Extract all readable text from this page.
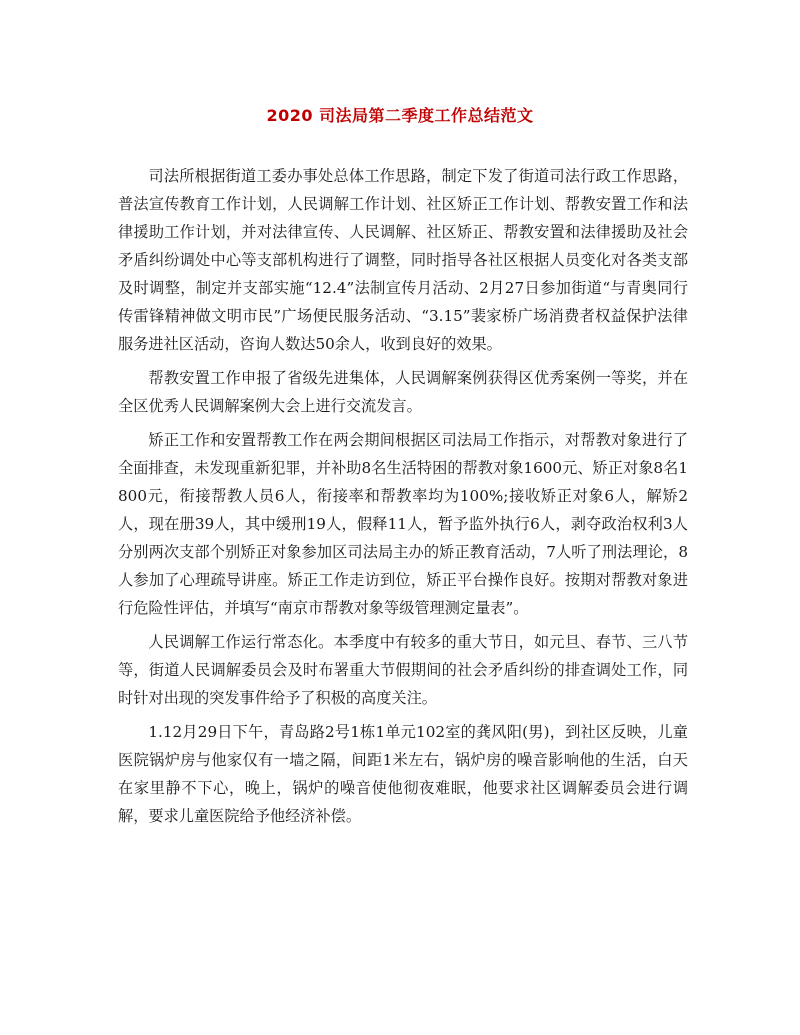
2020 司法局第二季度工作总结范文

司法所根据街道工委办事处总体工作思路，制定下发了街道司法行政工作思路，普法宣传教育工作计划，人民调解工作计划、社区矫正工作计划、帮教安置工作和法律援助工作计划，并对法律宣传、人民调解、社区矫正、帮教安置和法律援助及社会矛盾纠纷调处中心等支部机构进行了调整，同时指导各社区根据人员变化对各类支部及时调整，制定并支部实施“12.4”法制宣传月活动、2月27日参加街道“与青奥同行传雷锋精神做文明市民”广场便民服务活动、“3.15”裴家桥广场消费者权益保护法律服务进社区活动，咨询人数达50余人，收到良好的效果。

帮教安置工作申报了省级先进集体，人民调解案例获得区优秀案例一等奖，并在全区优秀人民调解案例大会上进行交流发言。

矫正工作和安置帮教工作在两会期间根据区司法局工作指示，对帮教对象进行了全面排查，未发现重新犯罪，并补助8名生活特困的帮教对象1600元、矫正对象8名1800元，衔接帮教人员6人，衔接率和帮教率均为100%;接收矫正对象6人，解矫2人，现在册39人，其中缓刑19人，假释11人，暂予监外执行6人，剥夺政治权利3人分别两次支部个别矫正对象参加区司法局主办的矫正教育活动，7人听了刑法理论，8人参加了心理疏导讲座。矫正工作走访到位，矫正平台操作良好。按期对帮教对象进行危险性评估，并填写“南京市帮教对象等级管理测定量表”。

人民调解工作运行常态化。本季度中有较多的重大节日，如元旦、春节、三八节等，街道人民调解委员会及时布署重大节假期间的社会矛盾纠纷的排查调处工作，同时针对出现的突发事件给予了积极的高度关注。

1.12月29日下午，青岛路2号1栋1单元102室的龚风阳(男)，到社区反映，儿童医院锅炉房与他家仅有一墙之隔，间距1米左右，锅炉房的噪音影响他的生活，白天在家里静不下心，晚上，锅炉的噪音使他彻夜难眠，他要求社区调解委员会进行调解，要求儿童医院给予他经济补偿。
